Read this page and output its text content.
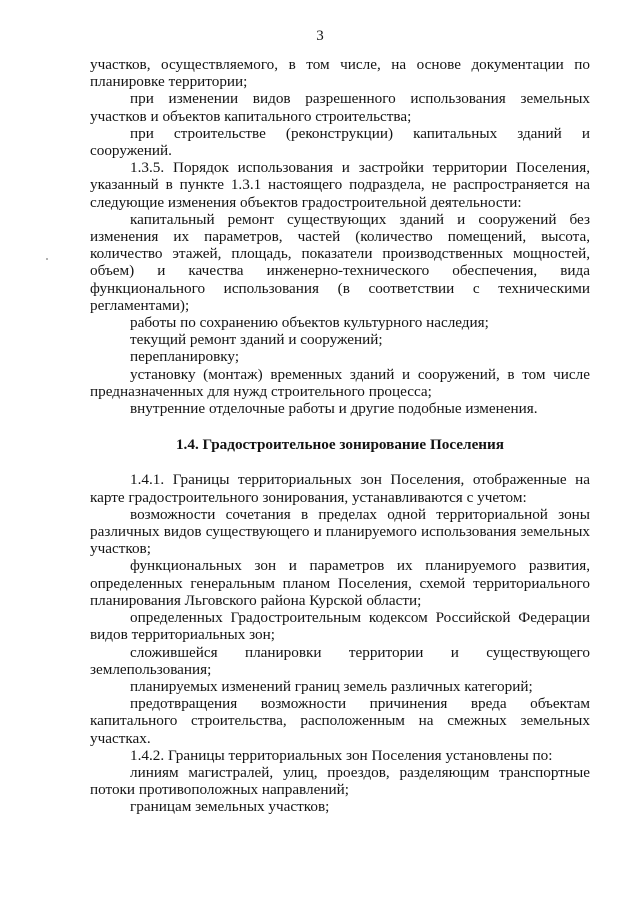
3

участков, осуществляемого, в том числе, на основе документации по планировке территории;

при изменении видов разрешенного использования земельных участков и объектов капитального строительства;

при строительстве (реконструкции) капитальных зданий и сооружений.

1.3.5. Порядок использования и застройки территории Поселения, указанный в пункте 1.3.1 настоящего подраздела, не распространяется на следующие изменения объектов градостроительной деятельности:

капитальный ремонт существующих зданий и сооружений без изменения их параметров, частей (количество помещений, высота, количество этажей, площадь, показатели производственных мощностей, объем) и качества инженерно-технического обеспечения, вида функционального использования (в соответствии с техническими регламентами);

работы по сохранению объектов культурного наследия;

текущий ремонт зданий и сооружений;

перепланировку;

установку (монтаж) временных зданий и сооружений, в том числе предназначенных для нужд строительного процесса;

внутренние отделочные работы и другие подобные изменения.

1.4. Градостроительное зонирование Поселения

1.4.1. Границы территориальных зон Поселения, отображенные на карте градостроительного зонирования, устанавливаются с учетом:

возможности сочетания в пределах одной территориальной зоны различных видов существующего и планируемого использования земельных участков;

функциональных зон и параметров их планируемого развития, определенных генеральным планом Поселения, схемой территориального планирования Льговского района Курской области;

определенных Градостроительным кодексом Российской Федерации видов территориальных зон;

сложившейся планировки территории и существующего землепользования;

планируемых изменений границ земель различных категорий;

предотвращения возможности причинения вреда объектам капитального строительства, расположенным на смежных земельных участках.

1.4.2. Границы территориальных зон Поселения установлены по:

линиям магистралей, улиц, проездов, разделяющим транспортные потоки противоположных направлений;

границам земельных участков;
